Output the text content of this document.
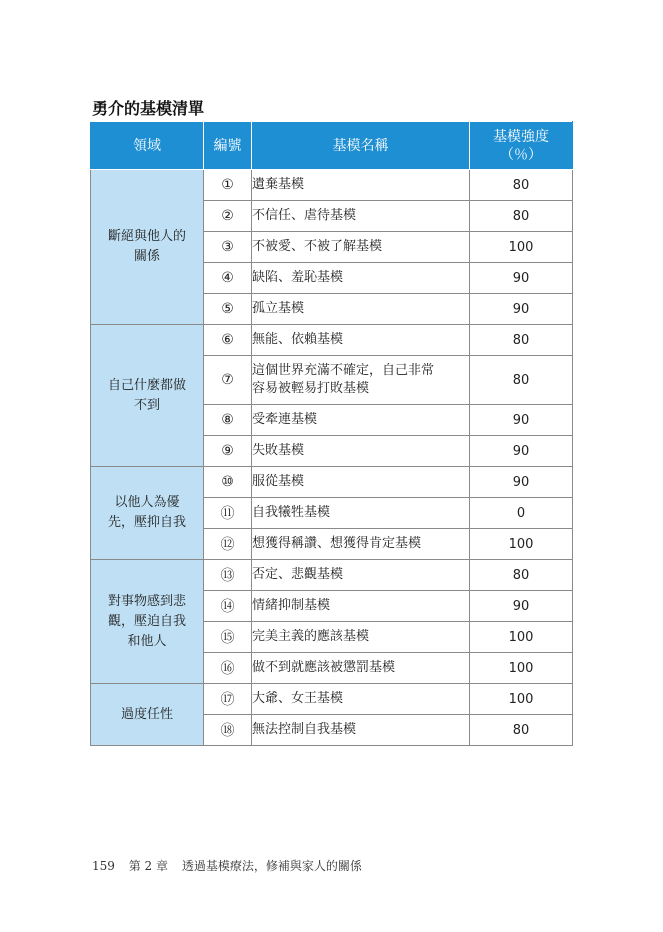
勇介的基模清單
領域	編號	基模名稱	基模強度
（％）

斷絕與他人的
關係	①	遺棄基模	80
	②	不信任、虐待基模	80
	③	不被愛、不被了解基模	100
	④	缺陷、羞恥基模	90
	⑤	孤立基模	90

自己什麼都做
不到	⑥	無能、依賴基模	80
	⑦	這個世界充滿不確定，自己非常
容易被輕易打敗基模	80
	⑧	受牽連基模	90
	⑨	失敗基模	90

以他人為優
先，壓抑自我	⑩	服從基模	90
	⑪	自我犧牲基模	0
	⑫	想獲得稱讚、想獲得肯定基模	100

對事物感到悲
觀，壓迫自我
和他人	⑬	否定、悲觀基模	80
	⑭	情緒抑制基模	90
	⑮	完美主義的應該基模	100
	⑯	做不到就應該被懲罰基模	100

過度任性	⑰	大爺、女王基模	100
	⑱	無法控制自我基模	80
159 第 2 章 透過基模療法，修補與家人的關係
